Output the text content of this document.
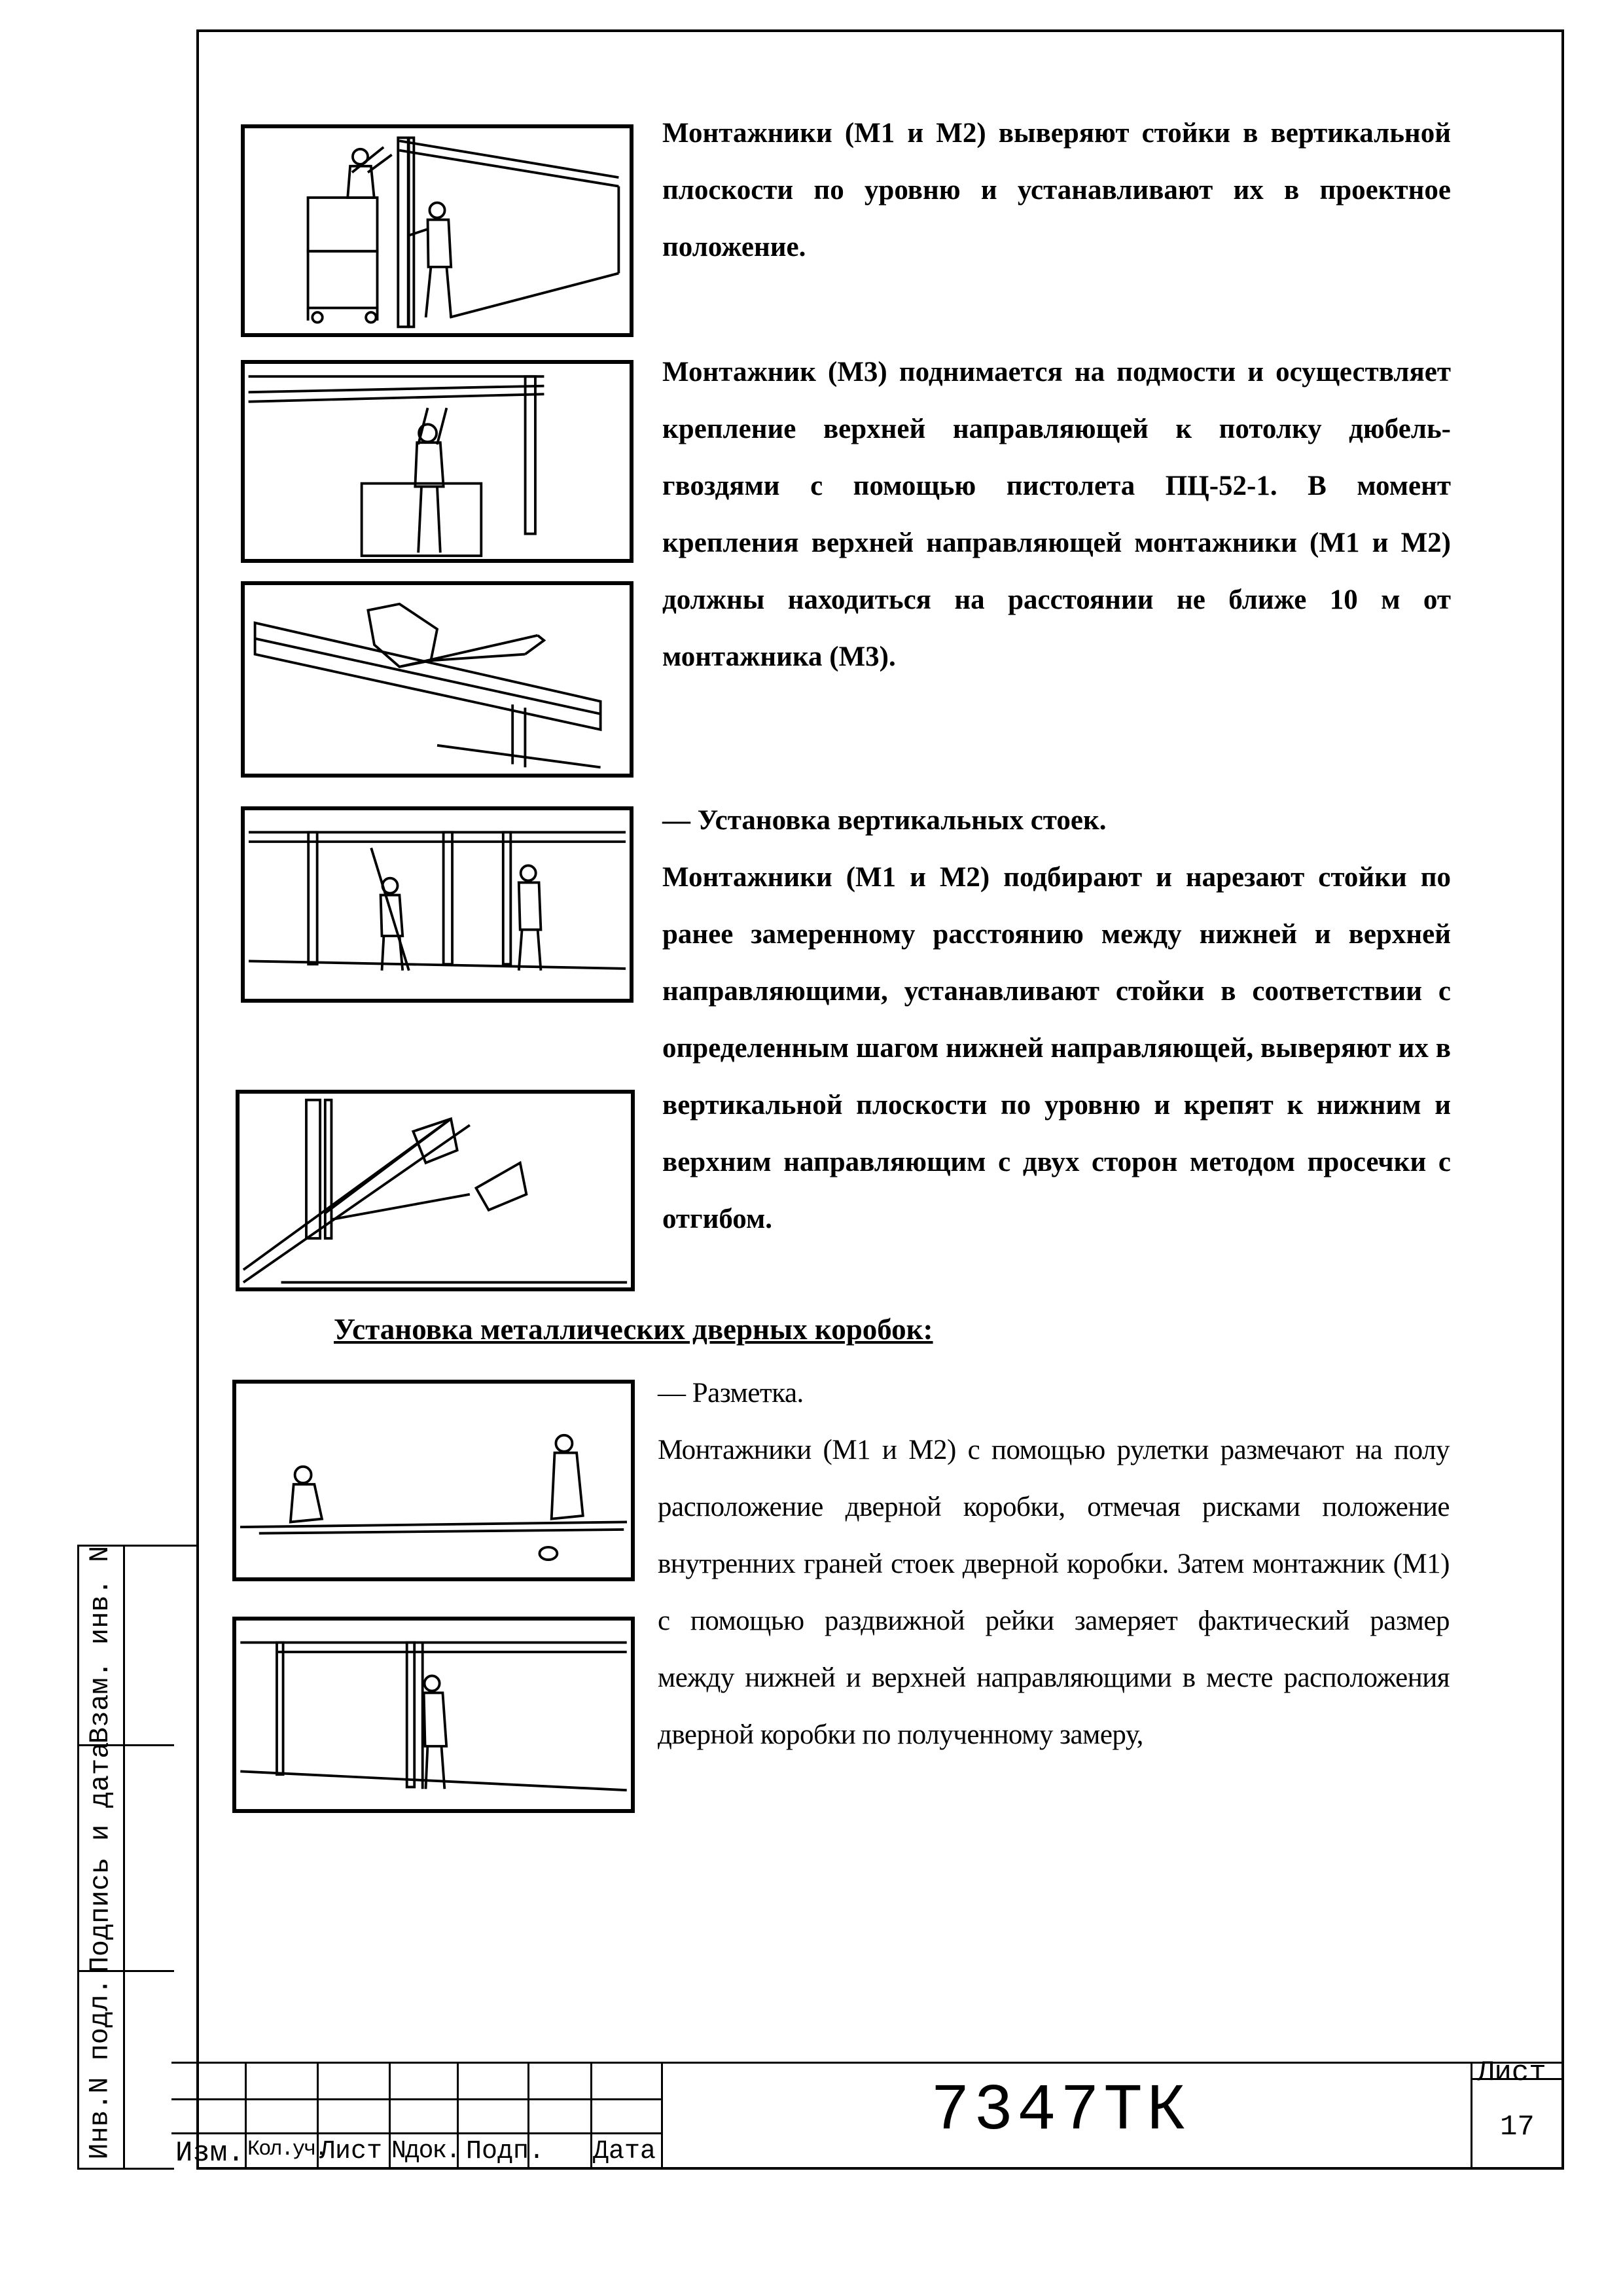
Взам. инв. N
Подпись и дата
Инв.N подл.

Монтажники (М1 и М2) выверяют стойки в вертикальной плоскости по уровню и устанавливают их в проектное положение.

Монтажник (М3) поднимается на подмости и осуществляет крепление верхней направляющей к потолку дюбель-гвоздями с помощью пистолета ПЦ-52-1. В момент крепления верхней направляющей монтажники (М1 и М2) должны находиться на расстоянии не ближе 10 м от монтажника (М3).

— Установка вертикальных стоек.

Монтажники (М1 и М2) подбирают и нарезают стойки по ранее замеренному расстоянию между нижней и верхней направляющими, устанавливают стойки в соответствии с определенным шагом нижней направляющей, выверяют их в вертикальной плоскости по уровню и крепят к нижним и верхним направляющим с двух сторон методом просечки с отгибом.

Установка металлических дверных коробок:

— Разметка.

Монтажники (М1 и М2) с помощью рулетки размечают на полу расположение дверной коробки, отмечая рисками положение внутренних граней стоек дверной коробки. Затем монтажник (М1) с помощью раздвижной рейки замеряет фактический размер между нижней и верхней направляющими в месте расположения дверной коробки по полученному замеру,

Изм. Кол.уч.
Лист Nдок. Подп. Дата
7347ТК
Лист
17
